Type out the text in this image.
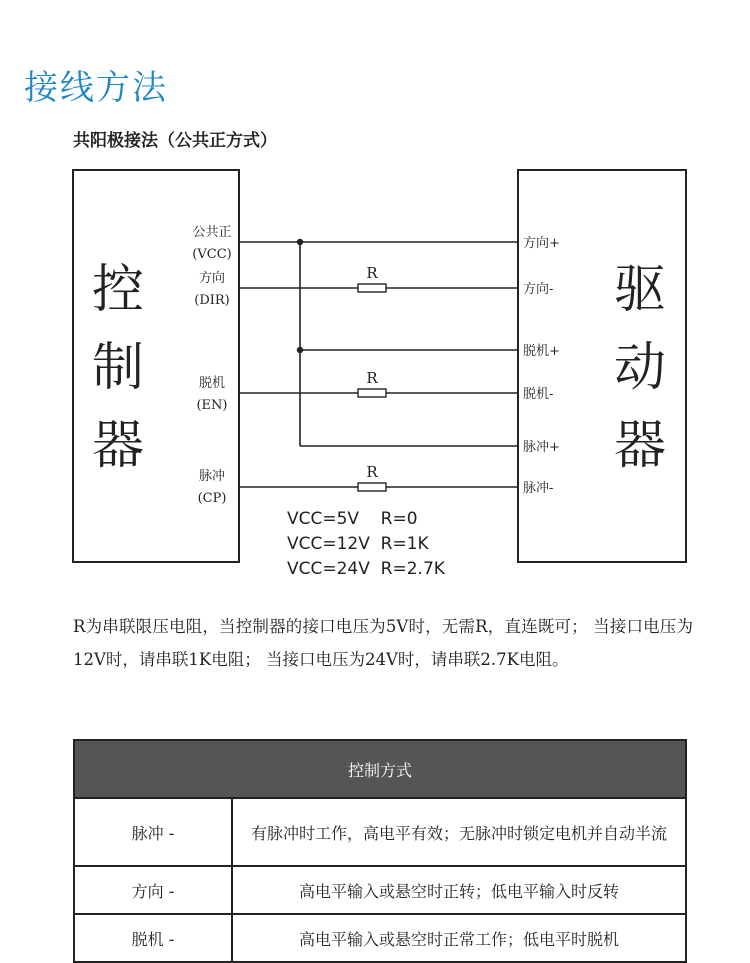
接线方法
共阳极接法（公共正方式）
控
制
器
驱
动
器
公共正
(VCC)
方向
(DIR)
脱机
(EN)
脉冲
(CP)
方向+
方向-
脱机+
脱机-
脉冲+
脉冲-
R
R
R
VCC=5V    R=0
VCC=12V  R=1K
VCC=24V  R=2.7K
R为串联限压电阻，当控制器的接口电压为5V时，无需R，直连既可； 当接口电压为12V时，请串联1K电阻； 当接口电压为24V时，请串联2.7K电阻。
控制方式	
脉冲 -	有脉冲时工作，高电平有效；无脉冲时锁定电机并自动半流
方向 -	高电平输入或悬空时正转；低电平输入时反转
脱机 -	高电平输入或悬空时正常工作；低电平时脱机
